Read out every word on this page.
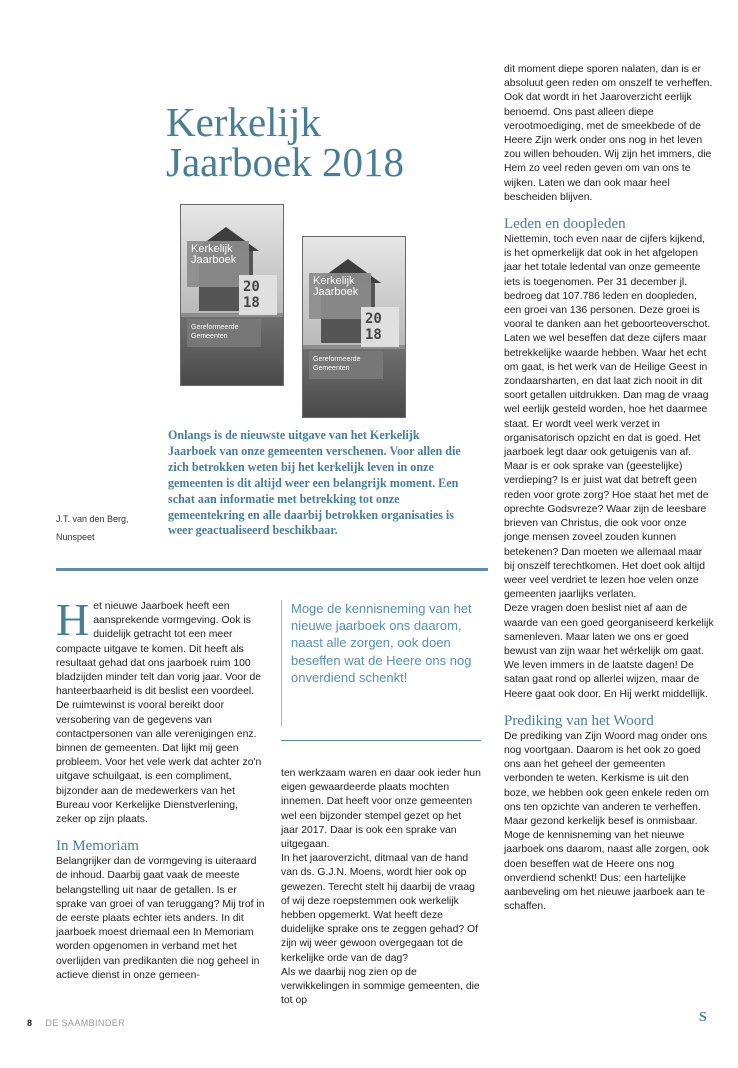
Kerkelijk
Jaarboek 2018
Kerkelijk
Jaarboek
20
18
Gereformeerde
Gemeenten
Kerkelijk
Jaarboek
20
18
Gereformeerde
Gemeenten

Onlangs is de nieuwste uitgave van het Kerkelijk Jaarboek van onze gemeenten verschenen. Voor allen die zich betrokken weten bij het kerkelijk leven in onze gemeenten is dit altijd weer een belangrijk moment. Een schat aan informatie met betrekking tot onze gemeentekring en alle daarbij betrokken organisaties is weer geactualiseerd beschikbaar.

J.T. van den Berg,
Nunspeet

Het nieuwe Jaarboek heeft een aansprekende vormgeving. Ook is duidelijk getracht tot een meer compacte uitgave te komen. Dit heeft als resultaat gehad dat ons jaarboek ruim 100 bladzijden minder telt dan vorig jaar. Voor de hanteerbaarheid is dit beslist een voordeel. De ruimtewinst is vooral bereikt door versobering van de gegevens van contactpersonen van alle verenigingen enz. binnen de gemeenten. Dat lijkt mij geen probleem. Voor het vele werk dat achter zo'n uitgave schuilgaat, is een compliment, bijzonder aan de medewerkers van het Bureau voor Kerkelijke Dienstverlening, zeker op zijn plaats.

In Memoriam

Belangrijker dan de vormgeving is uiteraard de inhoud. Daarbij gaat vaak de meeste belangstelling uit naar de getallen. Is er sprake van groei of van teruggang? Mij trof in de eerste plaats echter iets anders. In dit jaarboek moest driemaal een In Memoriam worden opgenomen in verband met het overlijden van predikanten die nog geheel in actieve dienst in onze gemeen-

Moge de kennisneming van het nieuwe jaarboek ons daarom, naast alle zorgen, ook doen beseffen wat de Heere ons nog onverdiend schenkt!

ten werkzaam waren en daar ook ieder hun eigen gewaardeerde plaats mochten innemen. Dat heeft voor onze gemeenten wel een bijzonder stempel gezet op het jaar 2017. Daar is ook een sprake van uitgegaan.

In het jaaroverzicht, ditmaal van de hand van ds. G.J.N. Moens, wordt hier ook op gewezen. Terecht stelt hij daarbij de vraag of wij deze roepstemmen ook werkelijk hebben opgemerkt. Wat heeft deze duidelijke sprake ons te zeggen gehad? Of zijn wij weer gewoon overgegaan tot de kerkelijke orde van de dag?

Als we daarbij nog zien op de verwikkelingen in sommige gemeenten, die tot op

dit moment diepe sporen nalaten, dan is er absoluut geen reden om onszelf te verheffen. Ook dat wordt in het Jaaroverzicht eerlijk benoemd. Ons past alleen diepe verootmoediging, met de smeekbede of de Heere Zijn werk onder ons nog in het leven zou willen behouden. Wij zijn het immers, die Hem zo veel reden geven om van ons te wijken. Laten we dan ook maar heel bescheiden blijven.

Leden en doopleden

Niettemin, toch even naar de cijfers kijkend, is het opmerkelijk dat ook in het afgelopen jaar het totale ledental van onze gemeente iets is toegenomen. Per 31 december jl. bedroeg dat 107.786 leden en doopleden, een groei van 136 personen. Deze groei is vooral te danken aan het geboorteoverschot. Laten we wel beseffen dat deze cijfers maar betrekkelijke waarde hebben. Waar het echt om gaat, is het werk van de Heilige Geest in zondaarsharten, en dat laat zich nooit in dit soort getallen uitdrukken. Dan mag de vraag wel eerlijk gesteld worden, hoe het daarmee staat. Er wordt veel werk verzet in organisatorisch opzicht en dat is goed. Het jaarboek legt daar ook getuigenis van af. Maar is er ook sprake van (geestelijke) verdieping? Is er juist wat dat betreft geen reden voor grote zorg? Hoe staat het met de oprechte Godsvreze? Waar zijn de leesbare brieven van Christus, die ook voor onze jonge mensen zoveel zouden kunnen betekenen? Dan moeten we allemaal maar bij onszelf terechtkomen. Het doet ook altijd weer veel verdriet te lezen hoe velen onze gemeenten jaarlijks verlaten.

Deze vragen doen beslist niet af aan de waarde van een goed georganiseerd kerkelijk samenleven. Maar laten we ons er goed bewust van zijn waar het wérkelijk om gaat. We leven immers in de laatste dagen! De satan gaat rond op allerlei wijzen, maar de Heere gaat ook door. En Hij werkt middellijk.

Prediking van het Woord

De prediking van Zijn Woord mag onder ons nog voortgaan. Daarom is het ook zo goed ons aan het geheel der gemeenten verbonden te weten. Kerkisme is uit den boze, we hebben ook geen enkele reden om ons ten opzichte van anderen te verheffen. Maar gezond kerkelijk besef is onmisbaar.

Moge de kennisneming van het nieuwe jaarboek ons daarom, naast alle zorgen, ook doen beseffen wat de Heere ons nog onverdiend schenkt! Dus: een hartelijke aanbeveling om het nieuwe jaarboek aan te schaffen.

S
8 DE SAAMBINDER
